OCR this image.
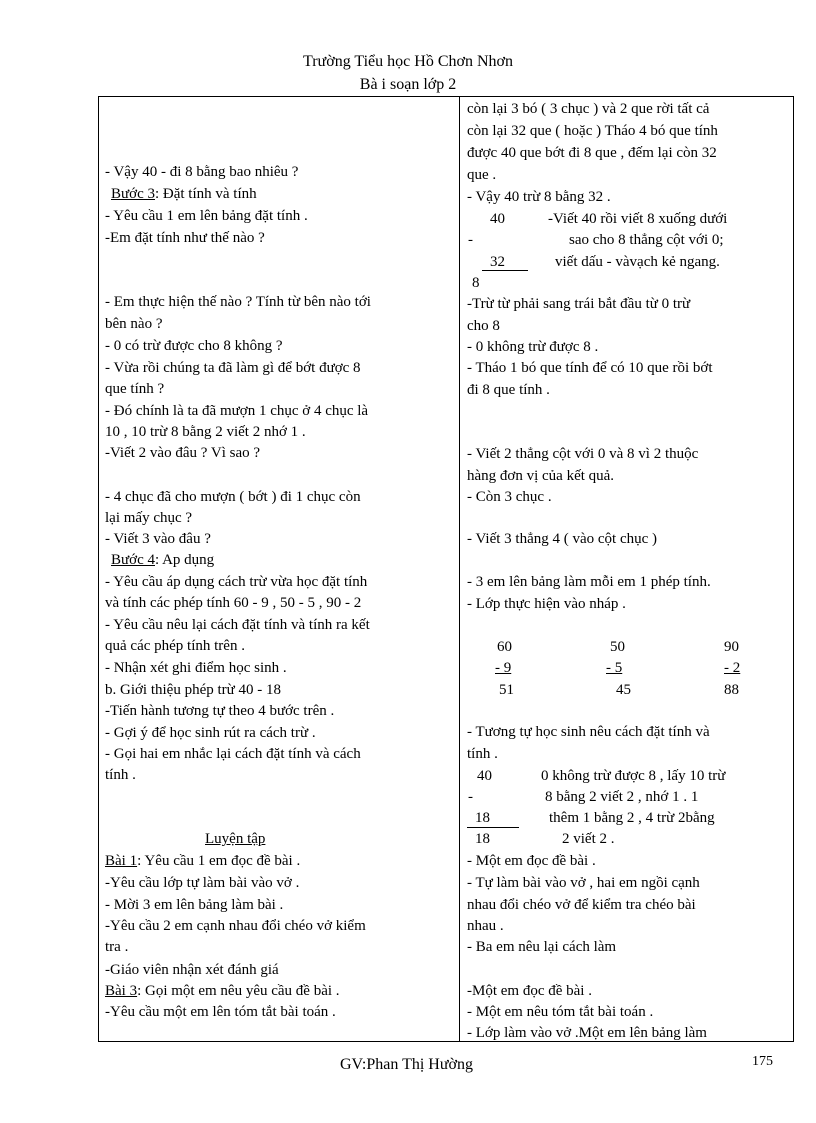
Trường Tiểu học Hồ Chơn Nhơn
Bà i soạn lớp 2
- Vậy 40 - đi 8 bằng bao nhiêu ?
Bước 3: Đặt tính và tính
- Yêu cầu 1 em lên bảng đặt tính .
-Em đặt tính như thế nào ?
- Em thực hiện thế nào ? Tính từ bên nào tới
bên nào ?
- 0 có trừ được cho 8 không ?
- Vừa rồi chúng ta đã làm gì để bớt được 8
que tính ?
- Đó chính là ta đã mượn 1 chục ở 4 chục là
10 , 10 trừ 8 bằng 2 viết 2 nhớ 1 .
-Viết 2 vào đâu ? Vì sao ?
- 4 chục đã cho mượn ( bớt ) đi 1 chục còn
lại mấy chục ?
- Viết 3 vào đâu ?
Bước 4: Ap dụng
- Yêu cầu áp dụng cách trừ vừa học đặt tính
và tính các phép tính 60 - 9 , 50 - 5 , 90 - 2
- Yêu cầu nêu lại cách đặt tính và tính ra kết
quả các phép tính trên .
- Nhận xét ghi điểm học sinh .
b. Giới thiệu phép trừ 40 - 18
-Tiến hành tương tự theo 4 bước trên .
- Gợi ý để học sinh rút ra cách trừ .
- Gọi hai em nhắc lại cách đặt tính và cách
tính .
Luyện tập
Bài 1: Yêu cầu 1 em đọc đề bài .
-Yêu cầu lớp tự làm bài vào vở .
- Mời 3 em lên bảng làm bài .
-Yêu cầu 2 em cạnh nhau đổi chéo vở kiểm
tra .
-Giáo viên nhận xét đánh giá
Bài 3: Gọi một em nêu yêu cầu đề bài .
-Yêu cầu một em lên tóm tắt bài toán .
còn lại 3 bó ( 3 chục ) và 2 que rời tất cả
còn lại 32 que ( hoặc ) Tháo 4 bó que tính
được 40 que bớt đi 8 que , đếm lại còn 32
que .
- Vậy 40 trừ 8 bằng 32 .
40	-Viết 40 rồi viết 8 xuống dưới
-	sao cho 8 thẳng cột với 0;
32	viết dấu - vàvạch kẻ ngang.
8
-Trừ từ phải sang trái bắt đầu từ 0 trừ
cho 8
- 0 không trừ được 8 .
- Tháo 1 bó que tính để có 10 que rồi bớt
đi 8 que tính .
- Viết 2 thẳng cột với 0 và 8 vì 2 thuộc
hàng đơn vị của kết quả.
- Còn 3 chục .
- Viết 3 thẳng 4 ( vào cột chục )
- 3 em lên bảng làm mỗi em 1 phép tính.
- Lớp thực hiện vào nháp .
60	50	90
- 9	- 5	- 2
51	45	88
- Tương tự học sinh nêu cách đặt tính và
tính .
40	0 không trừ được 8 , lấy 10 trừ
-	8 bằng 2 viết 2 , nhớ 1 . 1
18	thêm 1 bằng 2 , 4 trừ 2bằng
18	2 viết 2 .
- Một em đọc đề bài .
- Tự làm bài vào vở , hai em ngồi cạnh
nhau đổi chéo vở để kiểm tra chéo bài
nhau .
- Ba em nêu lại cách làm
-Một em đọc đề bài .
- Một em nêu tóm tắt bài toán .
- Lớp làm vào vở .Một em lên bảng làm
GV:Phan Thị Hường	175
